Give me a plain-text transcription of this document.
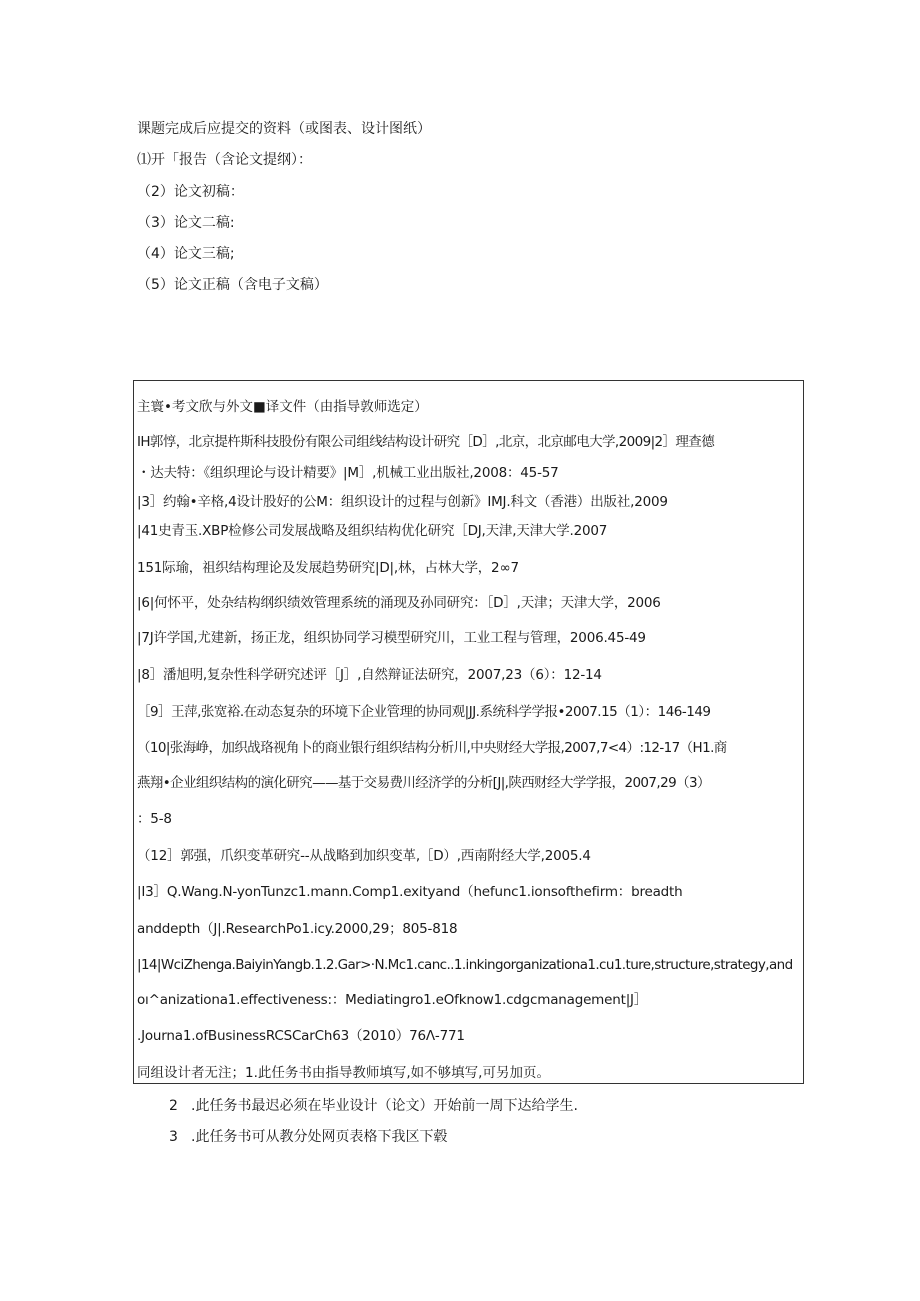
课题完成后应提交的资料（或图表、设计图纸）
⑴开「报告（含论文提纲）：
（2）论文初稿：
（3）论文二稿:
（4）论文三稿;
（5）论文正稿（含电子文稿）
主寰•考文欣与外文■译文件（由指导敦师选定）
IH郭惇，北京提杵斯科技股份有限公司组线结构设计研究［D］,北京，北京邮电大学,2009|2］理查德
・达夫特：《组织理论与设计精要》|M］,机械工业出版社,2008：45-57
|3］约翰•辛格,4设计股好的公M：组织设计的过程与创新》IMJ.科文（香港）出版社,2009
|41史青玉.XBP检修公司发展战略及组织结构优化研究［DJ,天津,天津大学.2007
151际瑜，祖织结构理论及发展趋势研究|D|,林，占林大学，2∞7
|6|何怀平，处杂结构纲织绩效管理系统的涌现及孙同研究：［D］,天津；天津大学，2006
|7J许学国,尤建新，扬正龙，组织协同学习模型研究川，工业工程与管理，2006.45-49
|8］潘旭明,复杂性科学研究述评［J］,自然辩证法研究，2007,23（6）：12-14
［9］王萍,张宽裕.在动态复杂的环境下企业管理的协同观|JJ.系统科学学报•2007.15（1）：146-149
（10|张海峥，加织战珞视角卜的商业银行组织结构分析川,中央财经大学报,2007,7<4）:12-17（H1.商
燕翔•企业组织结构的演化研究——基于交易费川经济学的分析[J|,陕西财经大学学报，2007,29（3）
：5-8
（12］郭强，爪织变革研究--从战略到加织变革,［D）,西南附经大学,2005.4
|I3］Q.Wang.N-yonTunzc1.mann.Comp1.exityand（hefunc1.ionsofthefirm：breadth
anddepth（J|.ResearchPo1.icy.2000,29；805-818
|14|WciZhenga.BaiyinYangb.1.2.Gar>·N.Mc1.canc..1.inkingorganizationa1.cu1.ture,structure,strategy,and
oı^anizationa1.effectiveness:：Mediatingro1.eOfknow1.cdgcmanagement|J］
.Journa1.ofBusinessRCSCarCh63（2010）76Λ-771
同组设计者无注；1.此任务书由指导教师填写,如不够填写,可另加页。
2 .此任务书最迟必须在毕业设计（论文）开始前一周下达给学生.
3 .此任务书可从教分处网页表格下我区下毂
